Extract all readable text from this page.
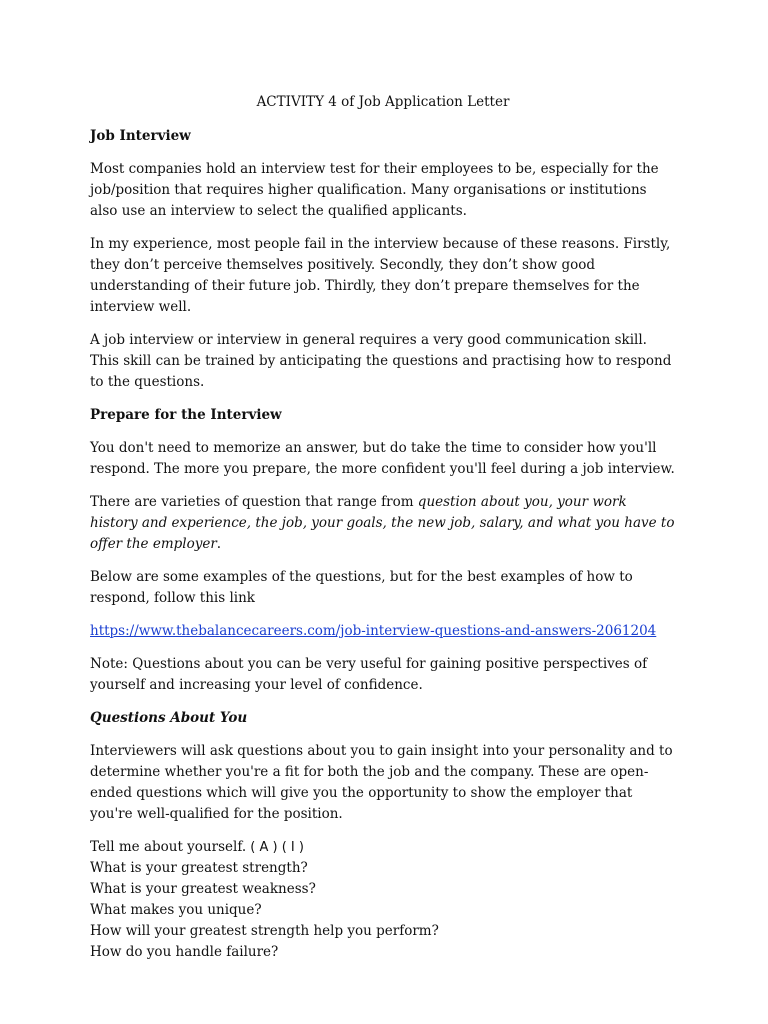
ACTIVITY 4 of Job Application Letter
Job Interview

Most companies hold an interview test for their employees to be, especially for the job/position that requires higher qualification. Many organisations or institutions also use an interview to select the qualified applicants.

In my experience, most people fail in the interview because of these reasons. Firstly, they don’t perceive themselves positively. Secondly, they don’t show good understanding of their future job. Thirdly, they don’t prepare themselves for the interview well.

A job interview or interview in general requires a very good communication skill. This skill can be trained by anticipating the questions and practising how to respond to the questions.

Prepare for the Interview

You don't need to memorize an answer, but do take the time to consider how you'll respond. The more you prepare, the more confident you'll feel during a job interview.

There are varieties of question that range from question about you, your work history and experience, the job, your goals, the new job, salary, and what you have to offer the employer.

Below are some examples of the questions, but for the best examples of how to respond, follow this link

https://www.thebalancecareers.com/job-interview-questions-and-answers-2061204

Note: Questions about you can be very useful for gaining positive perspectives of yourself and increasing your level of confidence.

Questions About You

Interviewers will ask questions about you to gain insight into your personality and to determine whether you're a fit for both the job and the company. These are open-ended questions which will give you the opportunity to show the employer that you're well-qualified for the position.

Tell me about yourself. ( A ) ( I )
What is your greatest strength?
What is your greatest weakness?
What makes you unique?
How will your greatest strength help you perform?
How do you handle failure?
